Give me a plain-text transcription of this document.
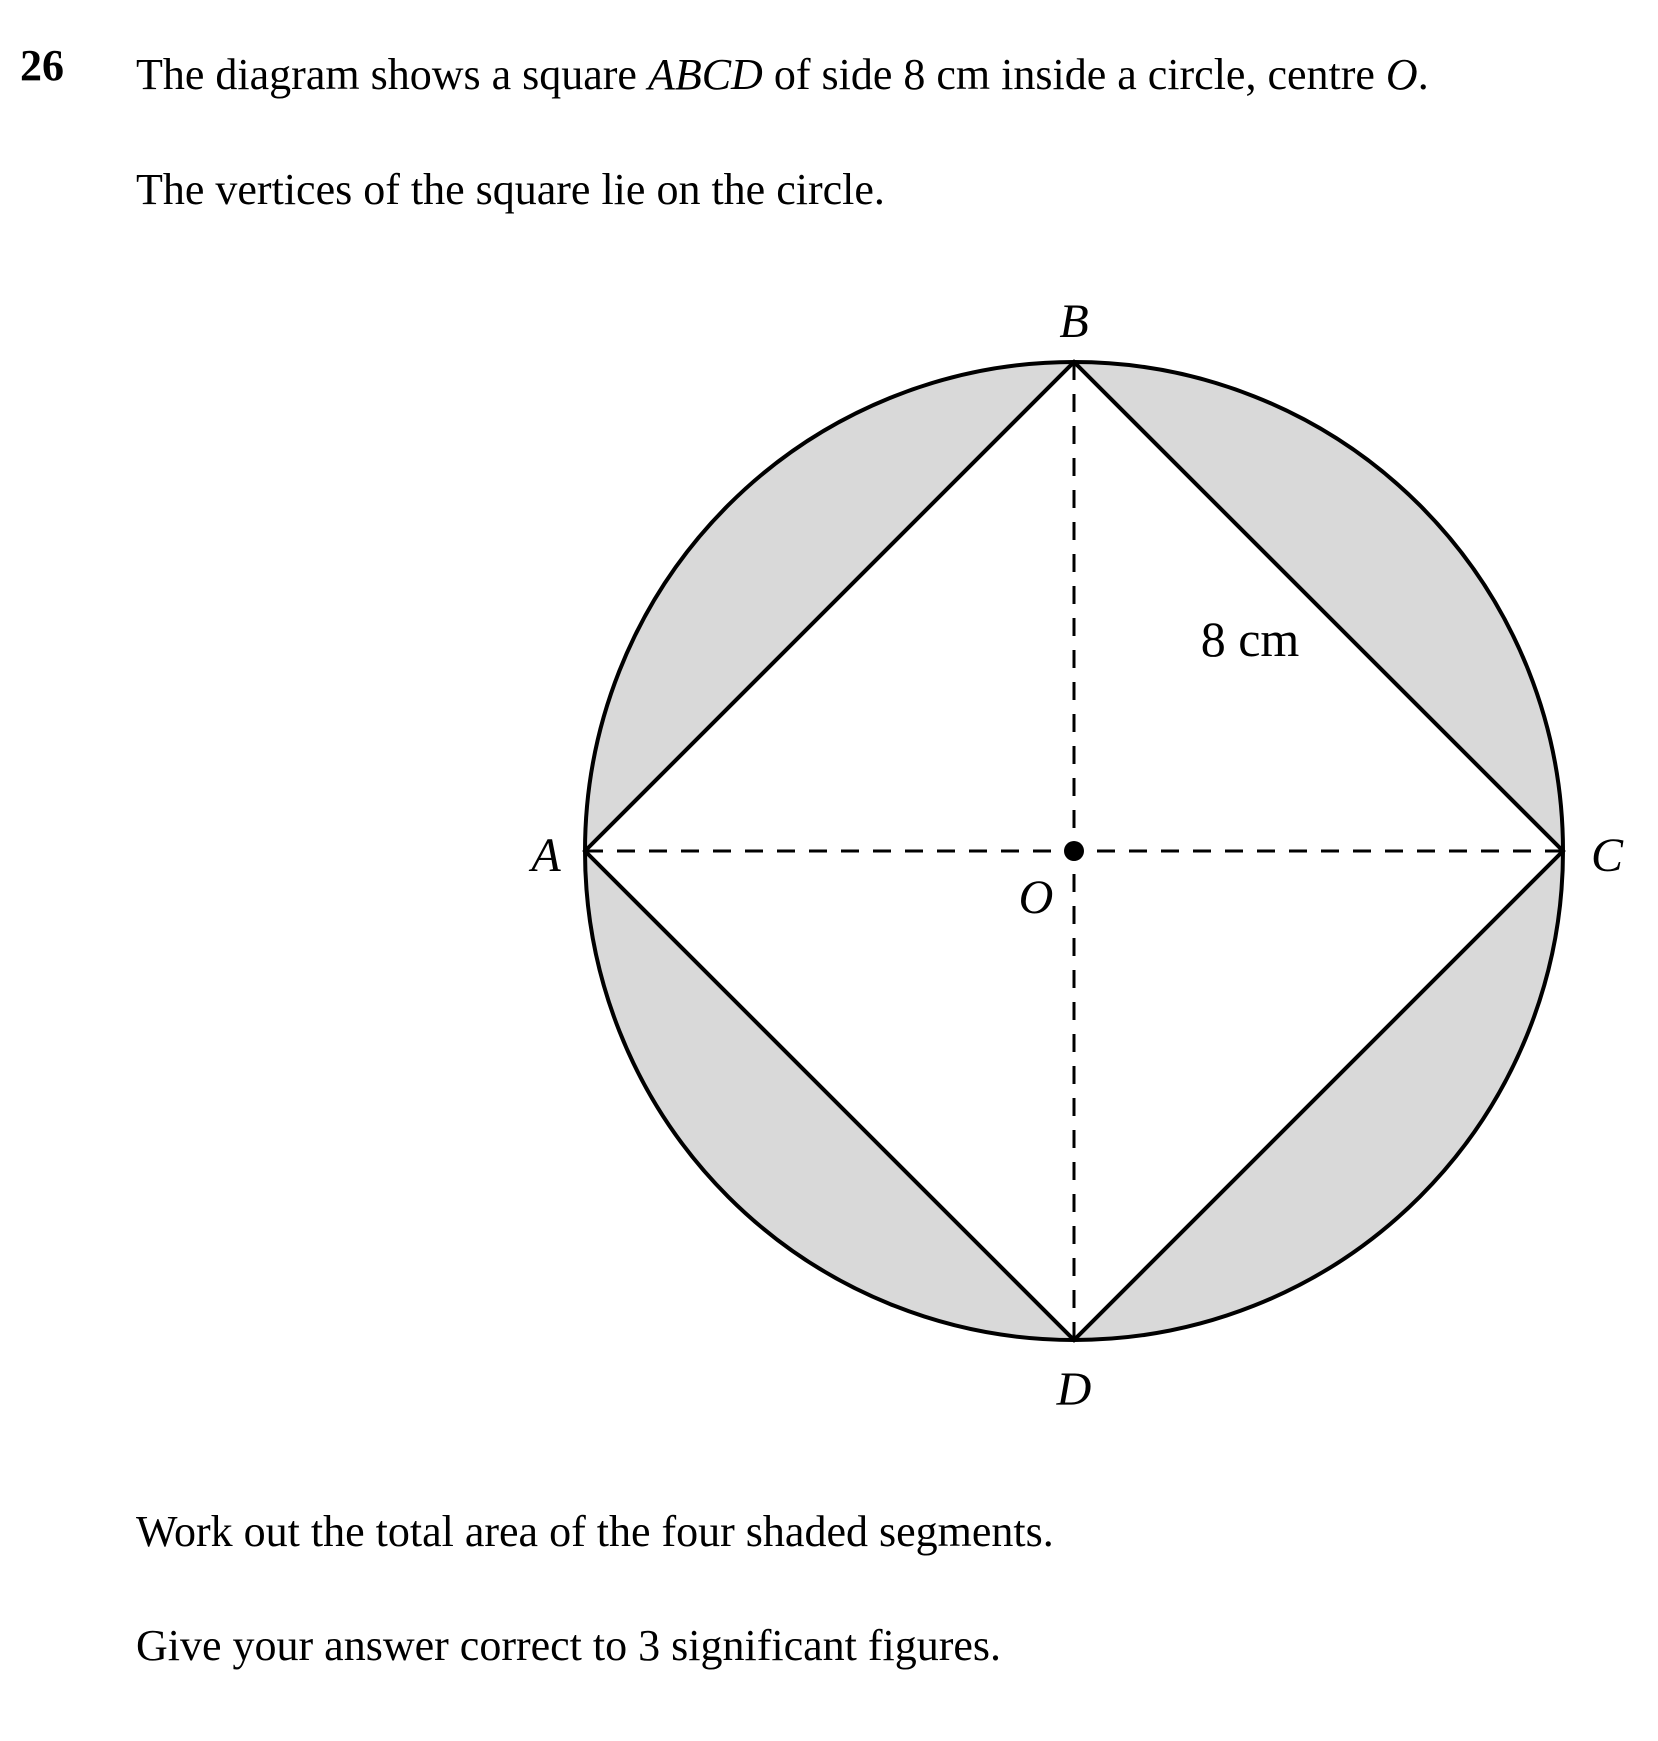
26 The diagram shows a square ABCD of side 8 cm inside a circle, centre O.
The vertices of the square lie on the circle.
B
A	C
D
O
8 cm
Work out the total area of the four shaded segments.
Give your answer correct to 3 significant figures.
